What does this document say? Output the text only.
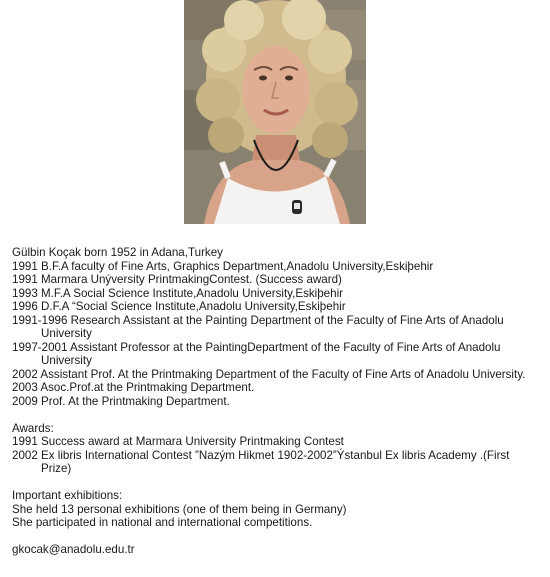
Gülbin Koçak born 1952 in Adana,Turkey
1991 B.F.A faculty of Fine Arts, Graphics Department,Anadolu University,Eskiþehir
1991 Marmara Unýversity PrintmakingContest. (Success award)
1993 M.F.A Social Science Institute,Anadolu University,Eskiþehir
1996 D.F.A “Social Science Institute,Anadolu University,Eskiþehir
1991-1996 Research Assistant at the Painting Department of the Faculty of Fine Arts of Anadolu University
1997-2001 Assistant Professor at the PaintingDepartment of the Faculty of Fine Arts of Anadolu University
2002 Assistant Prof. At the Printmaking Department of the Faculty of Fine Arts of Anadolu University.
2003 Asoc.Prof.at the Printmaking Department.
2009 Prof. At the Printmaking Department.
Awards:
1991 Success award at Marmara University Printmaking Contest
2002 Ex libris International Contest ”Nazým Hikmet 1902-2002”Ýstanbul Ex libris Academy .(First Prize)
Important exhibitions:
She held 13 personal exhibitions (one of them being in Germany)
She participated in national and international competitions.
gkocak@anadolu.edu.tr
